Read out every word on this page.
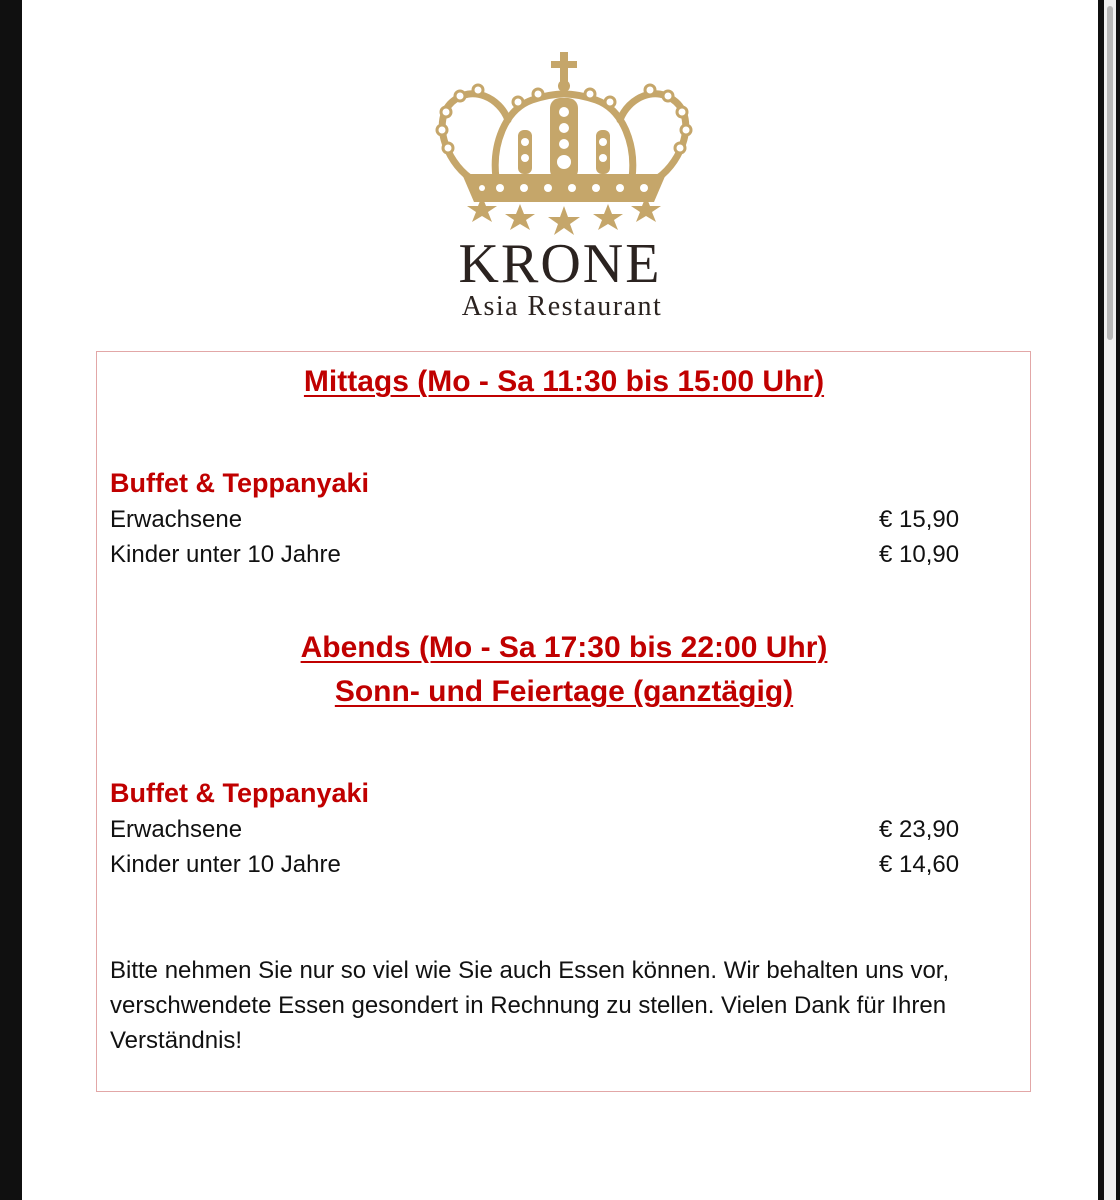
KRONE
Asia Restaurant
Mittags (Mo - Sa 11:30 bis 15:00 Uhr)
Buffet & Teppanyaki
Erwachsene	€ 15,90
Kinder unter 10 Jahre	€ 10,90
Abends (Mo - Sa 17:30 bis 22:00 Uhr)
Sonn- und Feiertage (ganztägig)
Buffet & Teppanyaki
Erwachsene	€ 23,90
Kinder unter 10 Jahre	€ 14,60
Bitte nehmen Sie nur so viel wie Sie auch Essen können. Wir behalten uns vor, verschwendete Essen gesondert in Rechnung zu stellen. Vielen Dank für Ihren Verständnis!
